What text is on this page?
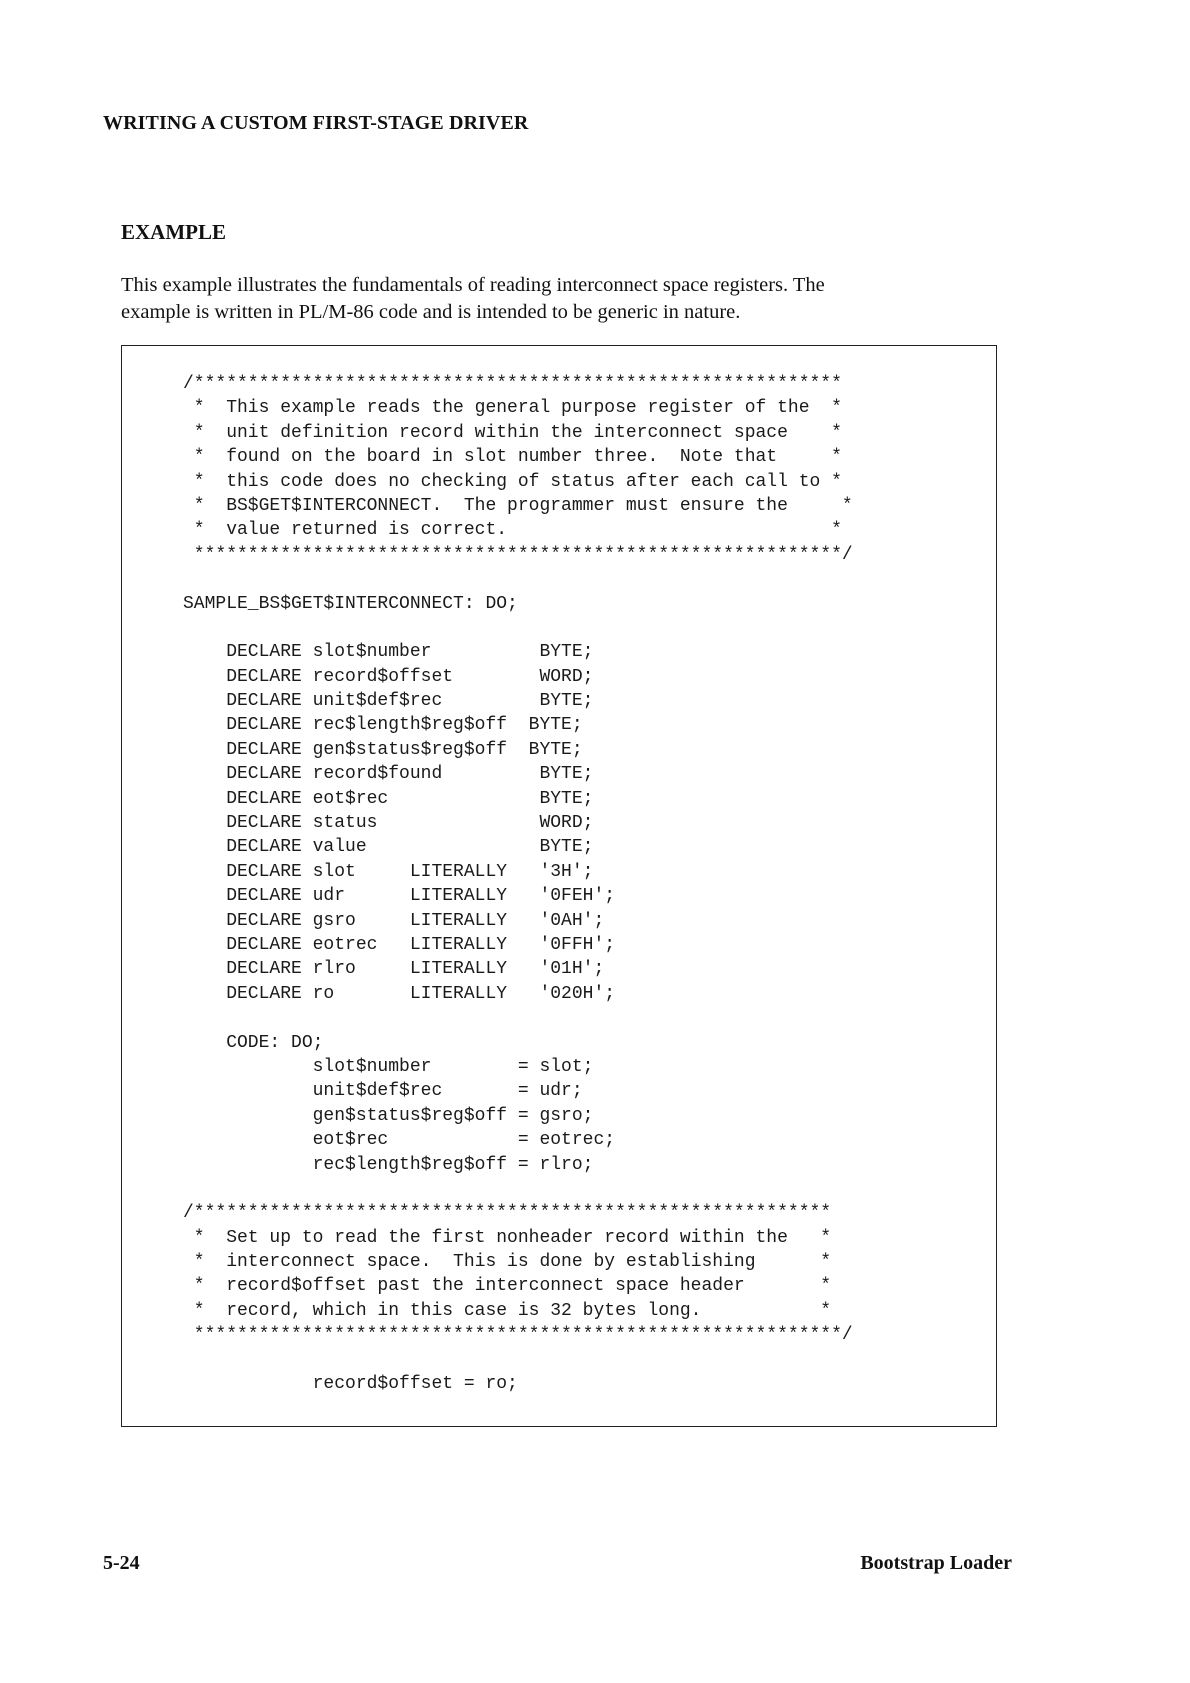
WRITING A CUSTOM FIRST-STAGE DRIVER
EXAMPLE
This example illustrates the fundamentals of reading interconnect space registers. The
example is written in PL/M-86 code and is intended to be generic in nature.
/************************************************************
*  This example reads the general purpose register of the  *
*  unit definition record within the interconnect space    *
*  found on the board in slot number three.  Note that     *
*  this code does no checking of status after each call to *
*  BS$GET$INTERCONNECT.  The programmer must ensure the     *
*  value returned is correct.                              *
************************************************************/
SAMPLE_BS$GET$INTERCONNECT: DO;
DECLARE slot$number          BYTE;
DECLARE record$offset        WORD;
DECLARE unit$def$rec         BYTE;
DECLARE rec$length$reg$off  BYTE;
DECLARE gen$status$reg$off  BYTE;
DECLARE record$found         BYTE;
DECLARE eot$rec              BYTE;
DECLARE status               WORD;
DECLARE value                BYTE;
DECLARE slot     LITERALLY   '3H';
DECLARE udr      LITERALLY   '0FEH';
DECLARE gsro     LITERALLY   '0AH';
DECLARE eotrec   LITERALLY   '0FFH';
DECLARE rlro     LITERALLY   '01H';
DECLARE ro       LITERALLY   '020H';
CODE: DO;
slot$number        = slot;
unit$def$rec       = udr;
gen$status$reg$off = gsro;
eot$rec            = eotrec;
rec$length$reg$off = rlro;
/***********************************************************
*  Set up to read the first nonheader record within the   *
*  interconnect space.  This is done by establishing      *
*  record$offset past the interconnect space header       *
*  record, which in this case is 32 bytes long.           *
************************************************************/
record$offset = ro;
5-24	Bootstrap Loader
